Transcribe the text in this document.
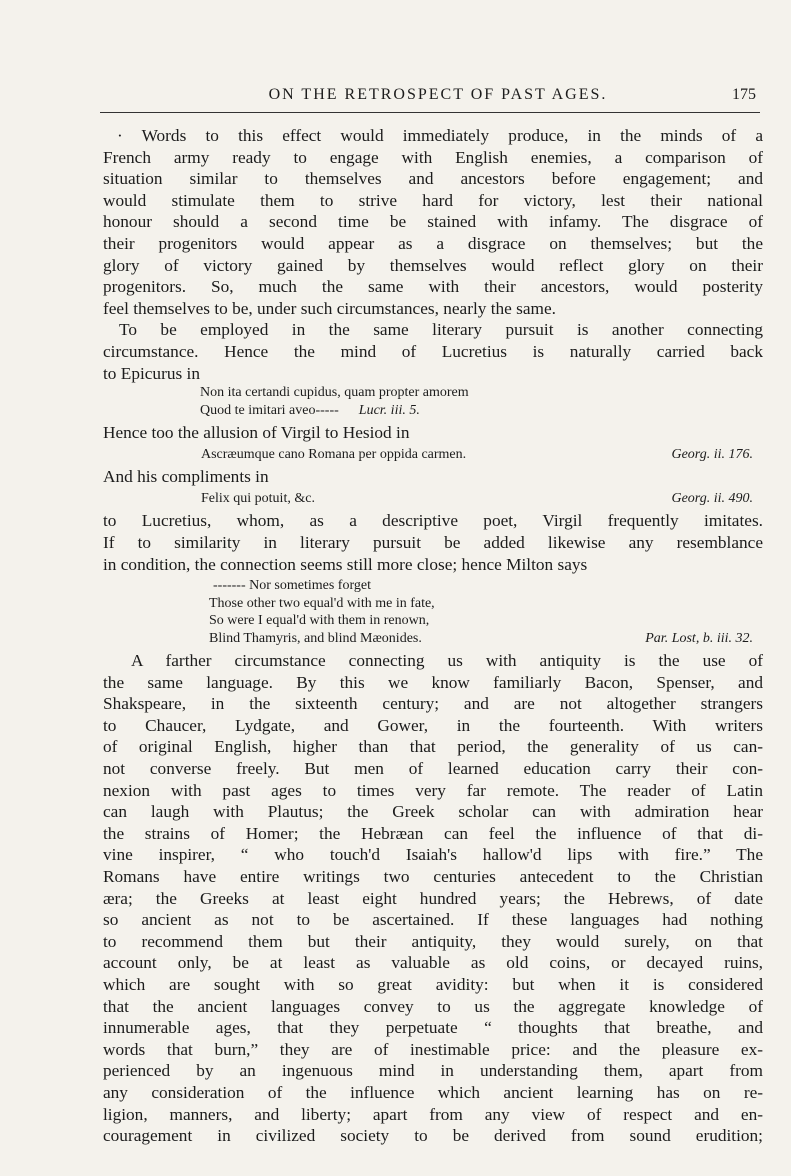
ON THE RETROSPECT OF PAST AGES.	175
· Words to this effect would immediately produce, in the minds of a
French army ready to engage with English enemies, a comparison of
situation similar to themselves and ancestors before engagement; and
would stimulate them to strive hard for victory, lest their national
honour should a second time be stained with infamy. The disgrace of
their progenitors would appear as a disgrace on themselves; but the
glory of victory gained by themselves would reflect glory on their
progenitors. So, much the same with their ancestors, would posterity
feel themselves to be, under such circumstances, nearly the same.
To be employed in the same literary pursuit is another connecting
circumstance. Hence the mind of Lucretius is naturally carried back
to Epicurus in
Non ita certandi cupidus, quam propter amorem
Quod te imitari aveo-----	Lucr. iii. 5.
Hence too the allusion of Virgil to Hesiod in
Ascræumque cano Romana per oppida carmen.	Georg. ii. 176.
And his compliments in
Felix qui potuit, &c.	Georg. ii. 490.
to Lucretius, whom, as a descriptive poet, Virgil frequently imitates.
If to similarity in literary pursuit be added likewise any resemblance
in condition, the connection seems still more close; hence Milton says
------- Nor sometimes forget
Those other two equal'd with me in fate,
So were I equal'd with them in renown,
Blind Thamyris, and blind Mæonides.	Par. Lost, b. iii. 32.
A farther circumstance connecting us with antiquity is the use of
the same language. By this we know familiarly Bacon, Spenser, and
Shakspeare, in the sixteenth century; and are not altogether strangers
to Chaucer, Lydgate, and Gower, in the fourteenth. With writers
of original English, higher than that period, the generality of us can-
not converse freely. But men of learned education carry their con-
nexion with past ages to times very far remote. The reader of Latin
can laugh with Plautus; the Greek scholar can with admiration hear
the strains of Homer; the Hebræan can feel the influence of that di-
vine inspirer, “ who touch'd Isaiah's hallow'd lips with fire.” The
Romans have entire writings two centuries antecedent to the Christian
æra; the Greeks at least eight hundred years; the Hebrews, of date
so ancient as not to be ascertained. If these languages had nothing
to recommend them but their antiquity, they would surely, on that
account only, be at least as valuable as old coins, or decayed ruins,
which are sought with so great avidity: but when it is considered
that the ancient languages convey to us the aggregate knowledge of
innumerable ages, that they perpetuate “ thoughts that breathe, and
words that burn,” they are of inestimable price: and the pleasure ex-
perienced by an ingenuous mind in understanding them, apart from
any consideration of the influence which ancient learning has on re-
ligion, manners, and liberty; apart from any view of respect and en-
couragement in civilized society to be derived from sound erudition;
